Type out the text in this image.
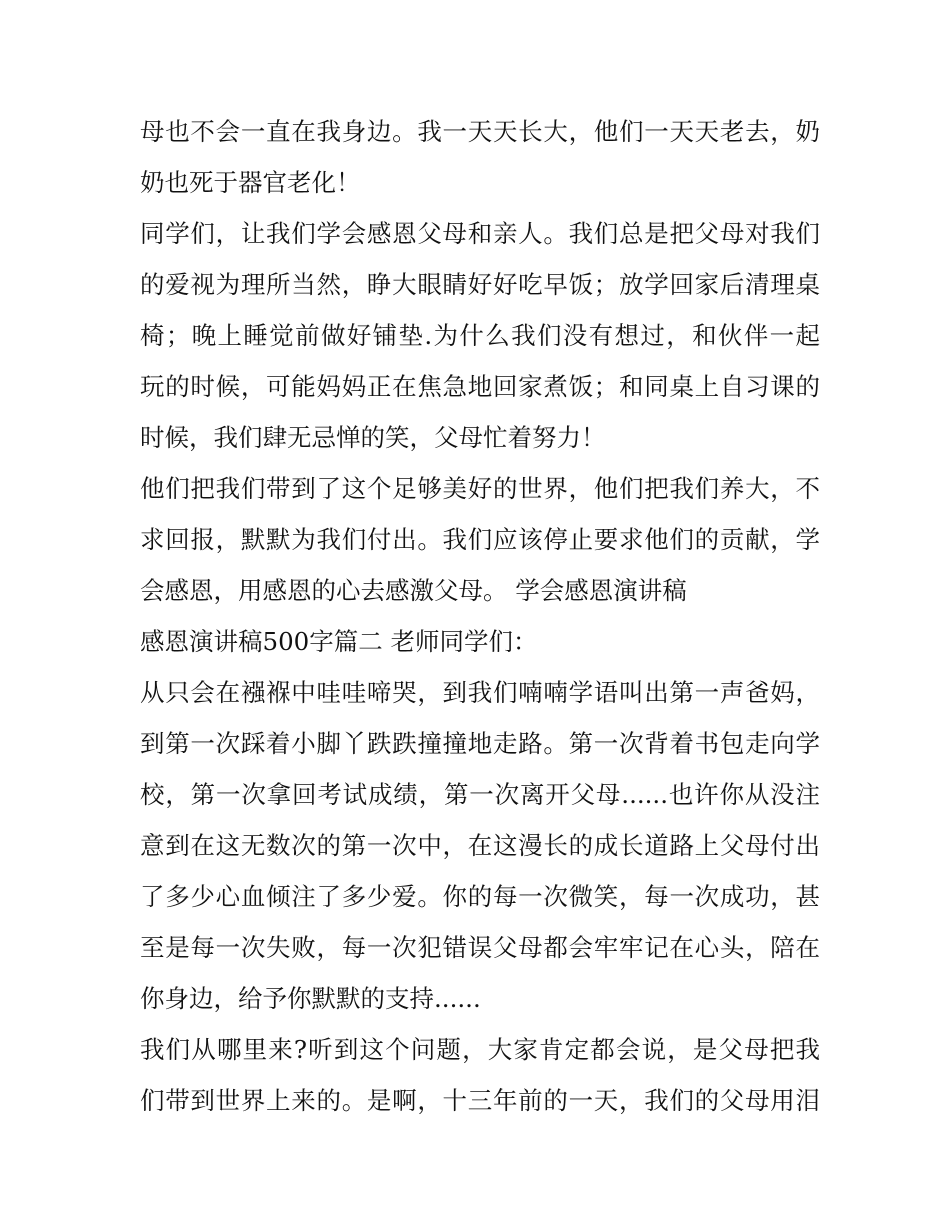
母也不会一直在我身边。我一天天长大，他们一天天老去，奶
奶也死于器官老化！
同学们，让我们学会感恩父母和亲人。我们总是把父母对我们
的爱视为理所当然，睁大眼睛好好吃早饭；放学回家后清理桌
椅；晚上睡觉前做好铺垫.为什么我们没有想过，和伙伴一起
玩的时候，可能妈妈正在焦急地回家煮饭；和同桌上自习课的
时候，我们肆无忌惮的笑，父母忙着努力！
他们把我们带到了这个足够美好的世界，他们把我们养大，不
求回报，默默为我们付出。我们应该停止要求他们的贡献，学
会感恩，用感恩的心去感激父母。 学会感恩演讲稿
感恩演讲稿500字篇二 老师同学们：
从只会在襁褓中哇哇啼哭，到我们喃喃学语叫出第一声爸妈，
到第一次踩着小脚丫跌跌撞撞地走路。第一次背着书包走向学
校，第一次拿回考试成绩，第一次离开父母......也许你从没注
意到在这无数次的第一次中，在这漫长的成长道路上父母付出
了多少心血倾注了多少爱。你的每一次微笑，每一次成功，甚
至是每一次失败，每一次犯错误父母都会牢牢记在心头，陪在
你身边，给予你默默的支持......
我们从哪里来?听到这个问题，大家肯定都会说，是父母把我
们带到世界上来的。是啊，十三年前的一天，我们的父母用泪
